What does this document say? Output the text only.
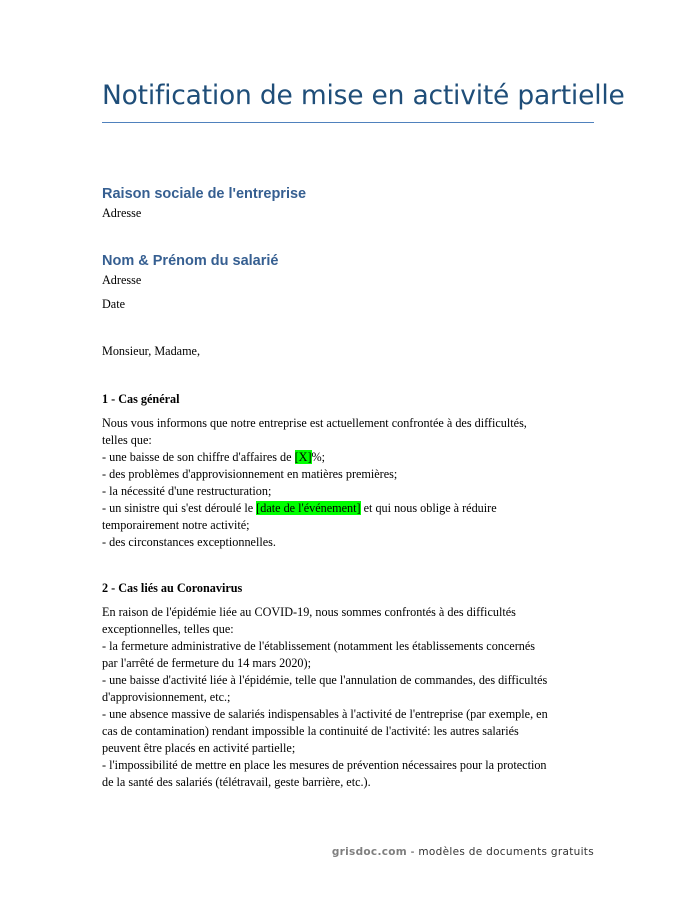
Notification de mise en activité partielle
Raison sociale de l'entreprise
Adresse
Nom & Prénom du salarié
Adresse
Date
Monsieur, Madame,
1 - Cas général
Nous vous informons que notre entreprise est actuellement confrontée à des difficultés,
telles que:
- une baisse de son chiffre d'affaires de [X]%;
- des problèmes d'approvisionnement en matières premières;
- la nécessité d'une restructuration;
- un sinistre qui s'est déroulé le [date de l'événement] et qui nous oblige à réduire
temporairement notre activité;
- des circonstances exceptionnelles.
2 - Cas liés au Coronavirus
En raison de l'épidémie liée au COVID-19, nous sommes confrontés à des difficultés
exceptionnelles, telles que:
- la fermeture administrative de l'établissement (notamment les établissements concernés
par l'arrêté de fermeture du 14 mars 2020);
- une baisse d'activité liée à l'épidémie, telle que l'annulation de commandes, des difficultés
d'approvisionnement, etc.;
- une absence massive de salariés indispensables à l'activité de l'entreprise (par exemple, en
cas de contamination) rendant impossible la continuité de l'activité: les autres salariés
peuvent être placés en activité partielle;
- l'impossibilité de mettre en place les mesures de prévention nécessaires pour la protection
de la santé des salariés (télétravail, geste barrière, etc.).
grisdoc.com - modèles de documents gratuits
